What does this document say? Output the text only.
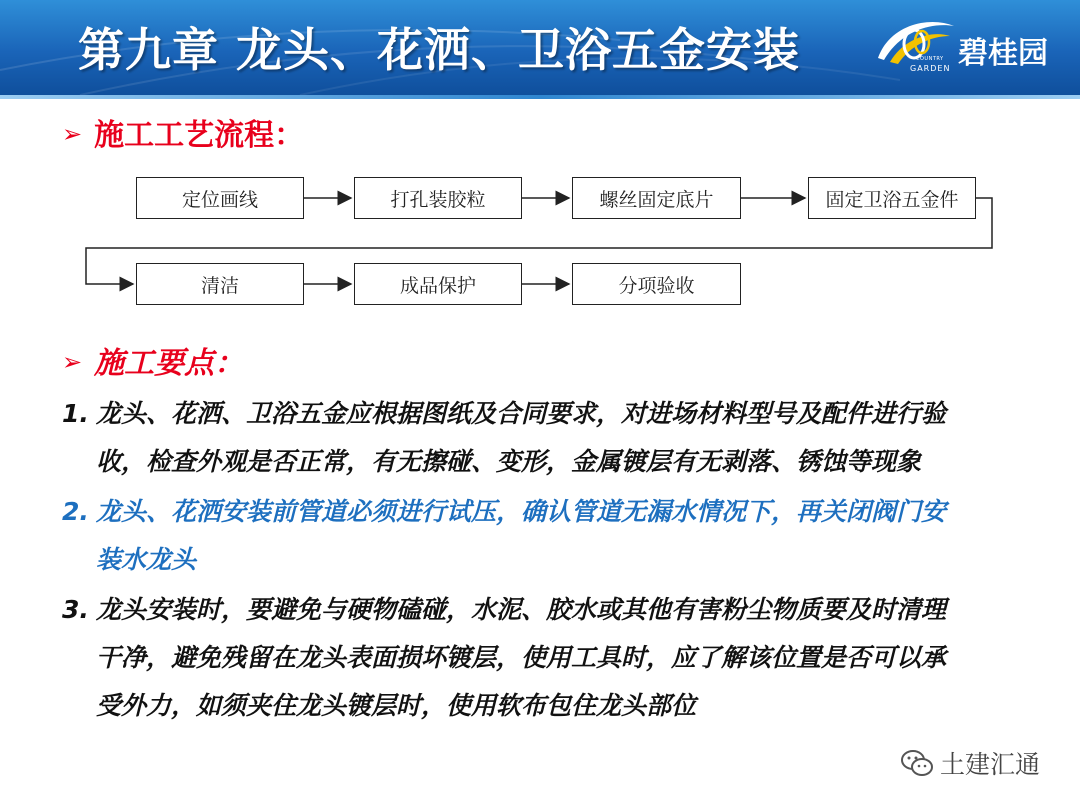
第九章 龙头、花洒、卫浴五金安装	碧桂园
COUNTRY
GARDEN
➢ 施工工艺流程：
定位画线	打孔装胶粒	螺丝固定底片	固定卫浴五金件
清洁	成品保护	分项验收
➢ 施工要点：
1. 龙头、花洒、卫浴五金应根据图纸及合同要求，对进场材料型号及配件进行验
收，检查外观是否正常，有无擦碰、变形，金属镀层有无剥落、锈蚀等现象
2. 龙头、花洒安装前管道必须进行试压，确认管道无漏水情况下，再关闭阀门安
装水龙头
3. 龙头安装时，要避免与硬物磕碰，水泥、胶水或其他有害粉尘物质要及时清理
干净，避免残留在龙头表面损坏镀层，使用工具时，应了解该位置是否可以承
受外力，如须夹住龙头镀层时，使用软布包住龙头部位
土建汇通
